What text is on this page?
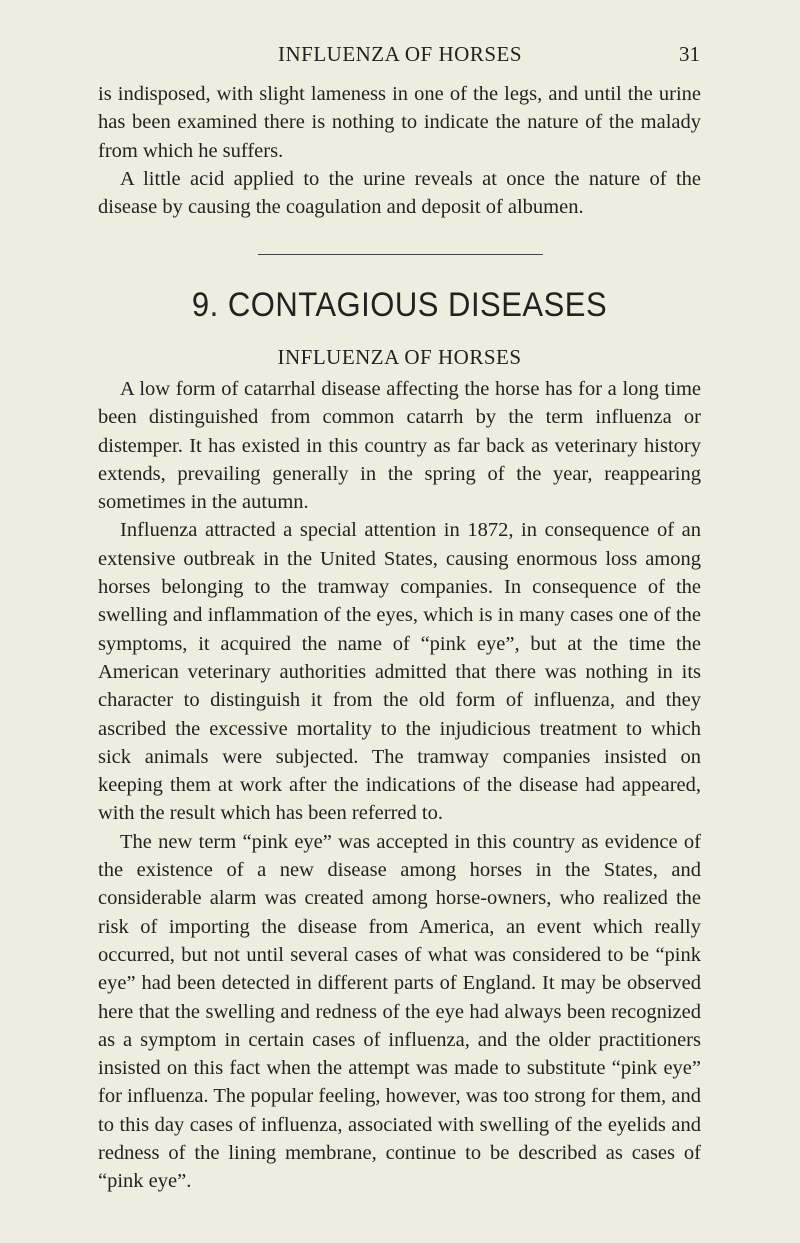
INFLUENZA OF HORSES	31

is indisposed, with slight lameness in one of the legs, and until the urine has been examined there is nothing to indicate the nature of the malady from which he suffers.

A little acid applied to the urine reveals at once the nature of the disease by causing the coagulation and deposit of albumen.

9. CONTAGIOUS DISEASES
INFLUENZA OF HORSES

A low form of catarrhal disease affecting the horse has for a long time been distinguished from common catarrh by the term influenza or distemper. It has existed in this country as far back as veterinary history extends, prevailing generally in the spring of the year, reappearing sometimes in the autumn.

Influenza attracted a special attention in 1872, in consequence of an extensive outbreak in the United States, causing enormous loss among horses belonging to the tramway companies. In consequence of the swelling and inflammation of the eyes, which is in many cases one of the symptoms, it acquired the name of “pink eye”, but at the time the American veterinary authorities admitted that there was nothing in its character to distinguish it from the old form of influenza, and they ascribed the excessive mortality to the injudicious treatment to which sick animals were subjected. The tramway companies insisted on keeping them at work after the indications of the disease had appeared, with the result which has been referred to.

The new term “pink eye” was accepted in this country as evidence of the existence of a new disease among horses in the States, and considerable alarm was created among horse-owners, who realized the risk of importing the disease from America, an event which really occurred, but not until several cases of what was considered to be “pink eye” had been detected in different parts of England. It may be observed here that the swelling and redness of the eye had always been recognized as a symptom in certain cases of influenza, and the older practitioners insisted on this fact when the attempt was made to substitute “pink eye” for influenza. The popular feeling, however, was too strong for them, and to this day cases of influenza, associated with swelling of the eyelids and redness of the lining membrane, continue to be described as cases of “pink eye”.
